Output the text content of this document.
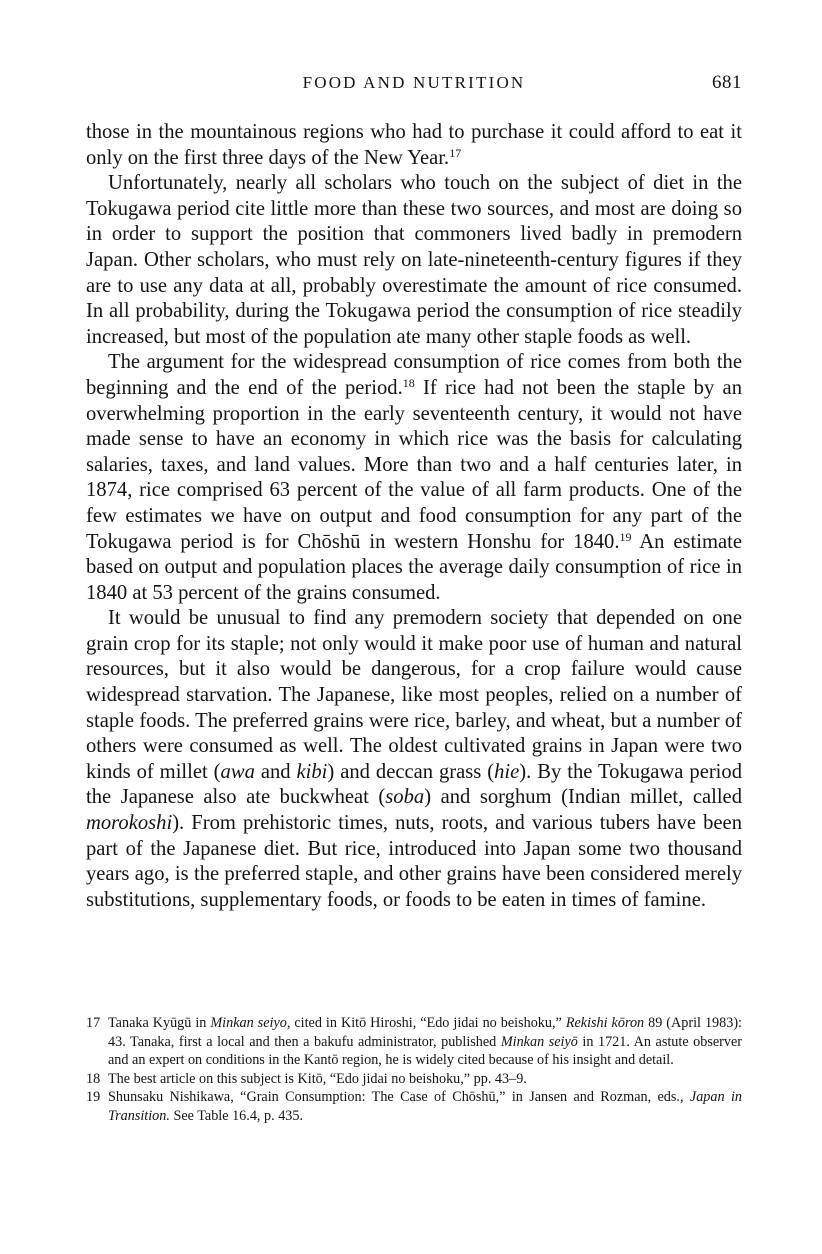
FOOD AND NUTRITION	681

those in the mountainous regions who had to purchase it could afford to eat it only on the first three days of the New Year.$^{17}$

Unfortunately, nearly all scholars who touch on the subject of diet in the Tokugawa period cite little more than these two sources, and most are doing so in order to support the position that commoners lived badly in premodern Japan. Other scholars, who must rely on late-nineteenth-century figures if they are to use any data at all, probably overestimate the amount of rice consumed. In all probability, during the Tokugawa period the consumption of rice steadily increased, but most of the population ate many other staple foods as well.

The argument for the widespread consumption of rice comes from both the beginning and the end of the period.$^{18}$ If rice had not been the staple by an overwhelming proportion in the early seventeenth century, it would not have made sense to have an economy in which rice was the basis for calculating salaries, taxes, and land values. More than two and a half centuries later, in 1874, rice comprised 63 percent of the value of all farm products. One of the few estimates we have on output and food consumption for any part of the Tokugawa period is for Chōshū in western Honshu for 1840.19 An estimate based on output and population places the average daily consumption of rice in 1840 at 53 percent of the grains consumed.

It would be unusual to find any premodern society that depended on one grain crop for its staple; not only would it make poor use of human and natural resources, but it also would be dangerous, for a crop failure would cause widespread starvation. The Japanese, like most peoples, relied on a number of staple foods. The preferred grains were rice, barley, and wheat, but a number of others were consumed as well. The oldest cultivated grains in Japan were two kinds of millet (awa and kibi) and deccan grass (hie). By the Tokugawa period the Japanese also ate buckwheat (soba) and sorghum (Indian millet, called morokoshi). From prehistoric times, nuts, roots, and various tubers have been part of the Japanese diet. But rice, introduced into Japan some two thousand years ago, is the preferred staple, and other grains have been considered merely substitutions, supplementary foods, or foods to be eaten in times of famine.

17 Tanaka Kyūgū in Minkan seiyo, cited in Kitō Hiroshi, “Edo jidai no beishoku,” Rekishi kōron 89 (April 1983): 43. Tanaka, first a local and then a bakufu administrator, published Minkan seiyō in 1721. An astute observer and an expert on conditions in the Kantō region, he is widely cited because of his insight and detail.

18 The best article on this subject is Kitō, “Edo jidai no beishoku,” pp. 43–9.

19 Shunsaku Nishikawa, “Grain Consumption: The Case of Chōshū,” in Jansen and Rozman, eds., Japan in Transition. See Table 16.4, p. 435.
